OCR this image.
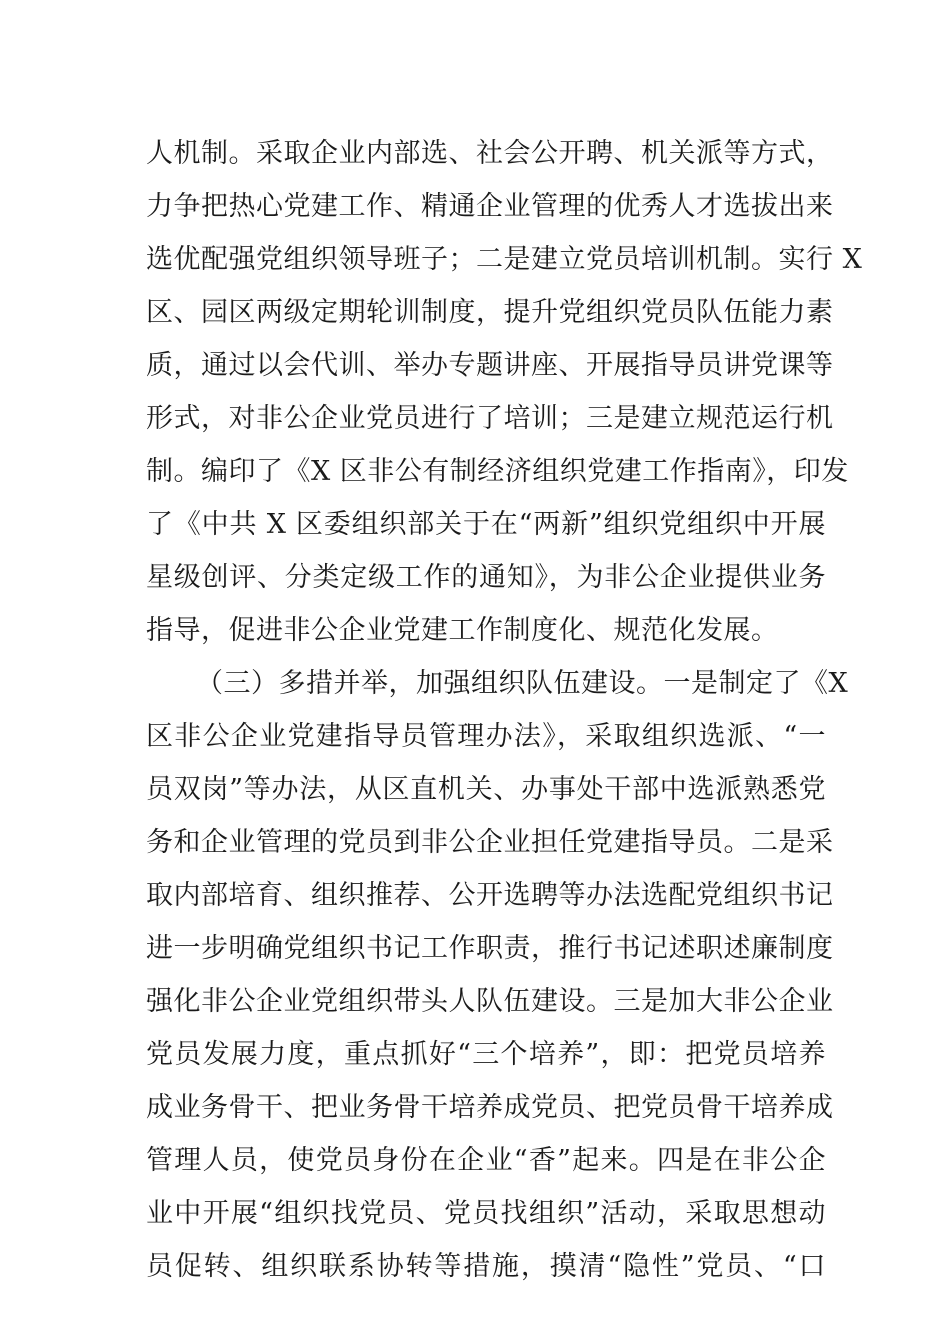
人机制。采取企业内部选、社会公开聘、机关派等方式，
力争把热心党建工作、精通企业管理的优秀人才选拔出来
选优配强党组织领导班子；二是建立党员培训机制。实行 X
区、园区两级定期轮训制度，提升党组织党员队伍能力素
质，通过以会代训、举办专题讲座、开展指导员讲党课等
形式，对非公企业党员进行了培训；三是建立规范运行机
制。编印了《X 区非公有制经济组织党建工作指南》，印发
了《中共 X 区委组织部关于在“两新”组织党组织中开展
星级创评、分类定级工作的通知》，为非公企业提供业务
指导，促进非公企业党建工作制度化、规范化发展。
（三）多措并举，加强组织队伍建设。一是制定了《X
区非公企业党建指导员管理办法》，采取组织选派、“一
员双岗”等办法，从区直机关、办事处干部中选派熟悉党
务和企业管理的党员到非公企业担任党建指导员。二是采
取内部培育、组织推荐、公开选聘等办法选配党组织书记
进一步明确党组织书记工作职责，推行书记述职述廉制度
强化非公企业党组织带头人队伍建设。三是加大非公企业
党员发展力度，重点抓好“三个培养”，即：把党员培养
成业务骨干、把业务骨干培养成党员、把党员骨干培养成
管理人员，使党员身份在企业“香”起来。四是在非公企
业中开展“组织找党员、党员找组织”活动，采取思想动
员促转、组织联系协转等措施，摸清“隐性”党员、“口
